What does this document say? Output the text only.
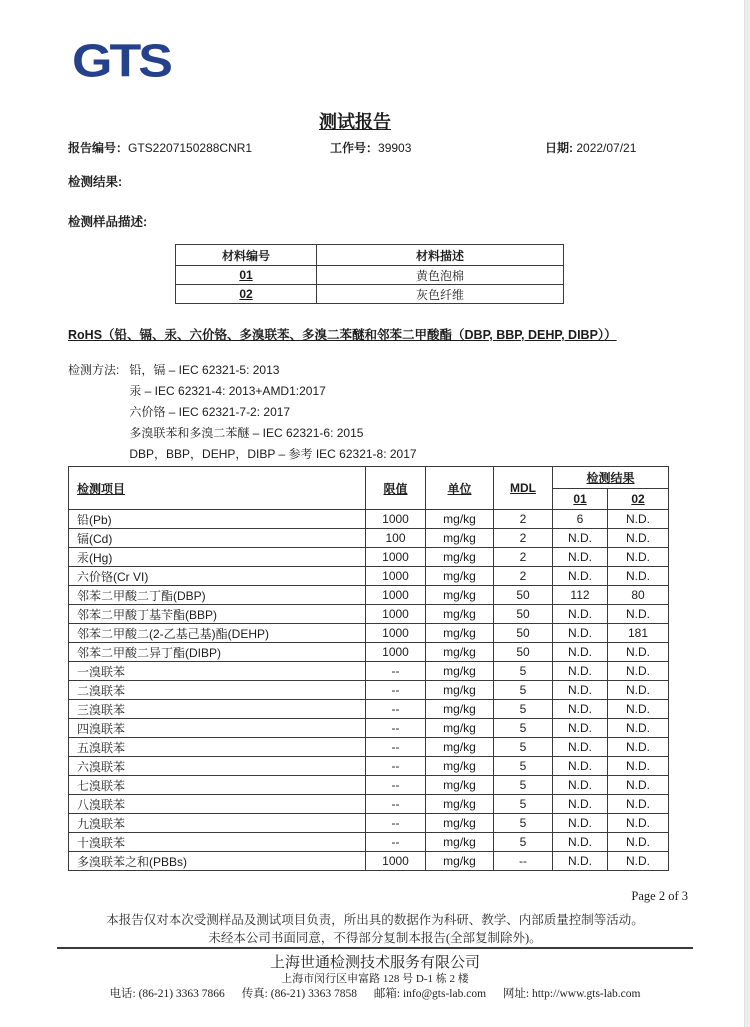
GTS
测试报告
报告编号：GTS2207150288CNR1	工作号：39903	日期: 2022/07/21
检测结果:
检测样品描述:
材料编号	材料描述
01	黄色泡棉
02	灰色纤维
RoHS（铅、镉、汞、六价铬、多溴联苯、多溴二苯醚和邻苯二甲酸酯（DBP, BBP, DEHP, DIBP））
检测方法: 铅，镉 – IEC 62321-5: 2013
汞 – IEC 62321-4: 2013+AMD1:2017
六价铬 – IEC 62321-7-2: 2017
多溴联苯和多溴二苯醚 – IEC 62321-6: 2015
DBP，BBP，DEHP，DIBP – 参考 IEC 62321-8: 2017
检测项目	限值	单位	MDL	检测结果	
				01	02
铅(Pb)	1000	mg/kg	2	6	N.D.
镉(Cd)	100	mg/kg	2	N.D.	N.D.
汞(Hg)	1000	mg/kg	2	N.D.	N.D.
六价铬(Cr VI)	1000	mg/kg	2	N.D.	N.D.
邻苯二甲酸二丁酯(DBP)	1000	mg/kg	50	112	80
邻苯二甲酸丁基苄酯(BBP)	1000	mg/kg	50	N.D.	N.D.
邻苯二甲酸二(2-乙基己基)酯(DEHP)	1000	mg/kg	50	N.D.	181
邻苯二甲酸二异丁酯(DIBP)	1000	mg/kg	50	N.D.	N.D.
一溴联苯	--	mg/kg	5	N.D.	N.D.
二溴联苯	--	mg/kg	5	N.D.	N.D.
三溴联苯	--	mg/kg	5	N.D.	N.D.
四溴联苯	--	mg/kg	5	N.D.	N.D.
五溴联苯	--	mg/kg	5	N.D.	N.D.
六溴联苯	--	mg/kg	5	N.D.	N.D.
七溴联苯	--	mg/kg	5	N.D.	N.D.
八溴联苯	--	mg/kg	5	N.D.	N.D.
九溴联苯	--	mg/kg	5	N.D.	N.D.
十溴联苯	--	mg/kg	5	N.D.	N.D.
多溴联苯之和(PBBs)	1000	mg/kg	--	N.D.	N.D.
Page 2 of 3
本报告仅对本次受测样品及测试项目负责，所出具的数据作为科研、教学、内部质量控制等活动。
未经本公司书面同意，不得部分复制本报告(全部复制除外)。
上海世通检测技术服务有限公司
上海市闵行区申富路 128 号 D-1 栋 2 楼
电话: (86-21) 3363 7866 传真: (86-21) 3363 7858 邮箱: info@gts-lab.com 网址: http://www.gts-lab.com
